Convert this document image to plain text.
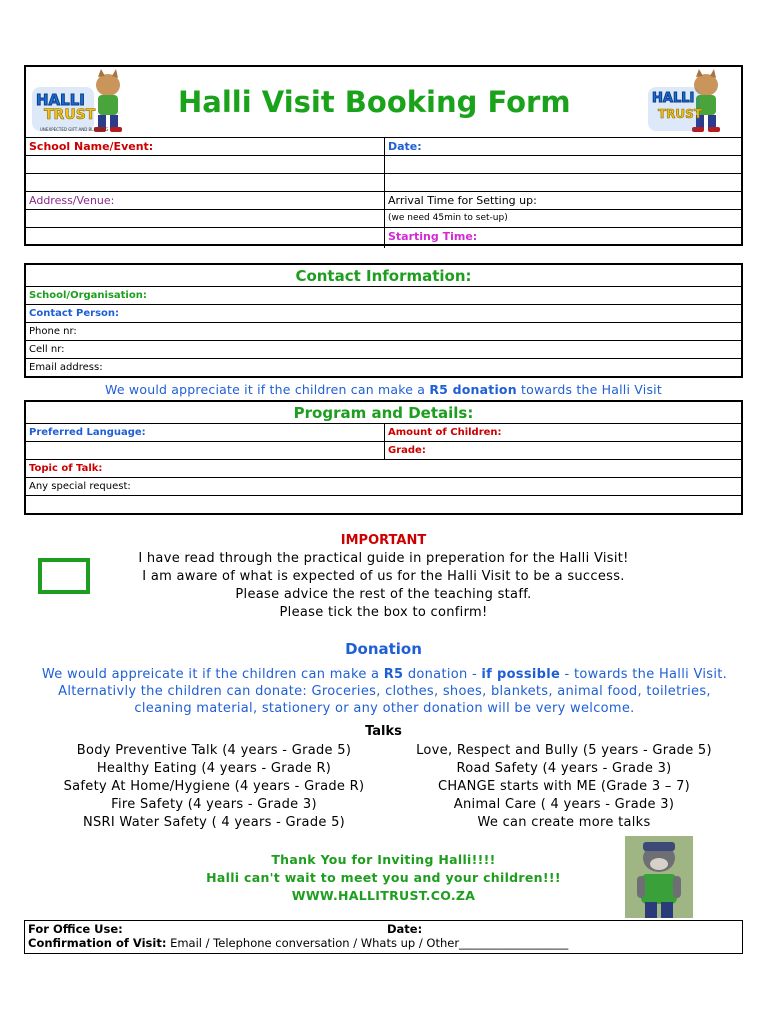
HALLI
TRUST
UNEXPECTED GIFT AND BLESSING
Halli Visit Booking Form	HALLI
TRUST
School Name/Event:	Date:
Address/Venue:	Arrival Time for Setting up:
(we need 45min to set-up)
Starting Time:
Contact Information:
School/Organisation:
Contact Person:
Phone nr:
Cell nr:
Email address:
We would appreciate it if the children can make a R5 donation towards the Halli Visit
Program and Details:
Preferred Language:	Amount of Children:
Grade:
Topic of Talk:
Any special request:
IMPORTANT
I have read through the practical guide in preperation for the Halli Visit!
I am aware of what is expected of us for the Halli Visit to be a success.
Please advice the rest of the teaching staff.
Please tick the box to confirm!
Donation
We would appreicate it if the children can make a R5 donation - if possible - towards the Halli Visit.
Alternativly the children can donate: Groceries, clothes, shoes, blankets, animal food, toiletries,
cleaning material, stationery or any other donation will be very welcome.
Talks
Body Preventive Talk (4 years - Grade 5)
Healthy Eating (4 years - Grade R)
Safety At Home/Hygiene (4 years - Grade R)
Fire Safety (4 years - Grade 3)
NSRI Water Safety ( 4 years - Grade 5)
Love, Respect and Bully (5 years - Grade 5)
Road Safety (4 years - Grade 3)
CHANGE starts with ME (Grade 3 – 7)
Animal Care ( 4 years - Grade 3)
We can create more talks
Thank You for Inviting Halli!!!!
Halli can't wait to meet you and your children!!!
WWW.HALLITRUST.CO.ZA
For Office Use:	Date:
Confirmation of Visit: Email / Telephone conversation / Whats up / Other___________________
